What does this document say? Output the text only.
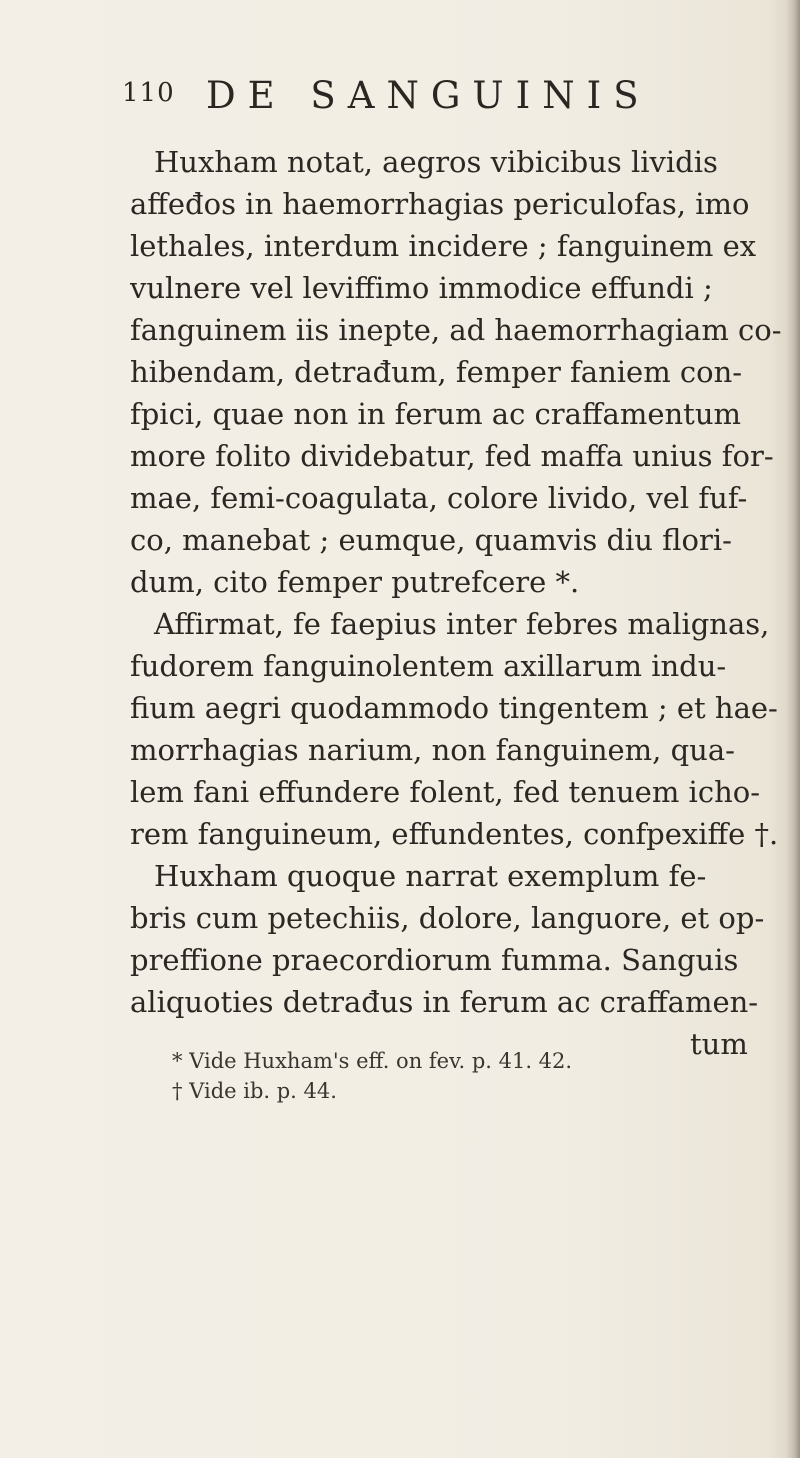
110 DE SANGUINIS
Huxham notat, aegros vibicibus lividis
affeđos in haemorrhagias periculofas, imo
lethales, interdum incidere ; fanguinem ex
vulnere vel leviffimo immodice effundi ;
fanguinem iis inepte, ad haemorrhagiam co-
hibendam, detrađum, femper faniem con-
fpici, quae non in ferum ac craffamentum
more folito dividebatur, fed maffa unius for-
mae, femi-coagulata, colore livido, vel fuf-
co, manebat ; eumque, quamvis diu flori-
dum, cito femper putrefcere *.
Affirmat, fe faepius inter febres malignas,
fudorem fanguinolentem axillarum indu-
fium aegri quodammodo tingentem ; et hae-
morrhagias narium, non fanguinem, qua-
lem fani effundere folent, fed tenuem icho-
rem fanguineum, effundentes, confpexiffe †.
Huxham quoque narrat exemplum fe-
bris cum petechiis, dolore, languore, et op-
preffione praecordiorum fumma. Sanguis
aliquoties detrađus in ferum ac craffamen-
tum
* Vide Huxham's eff. on fev. p. 41. 42.
† Vide ib. p. 44.
